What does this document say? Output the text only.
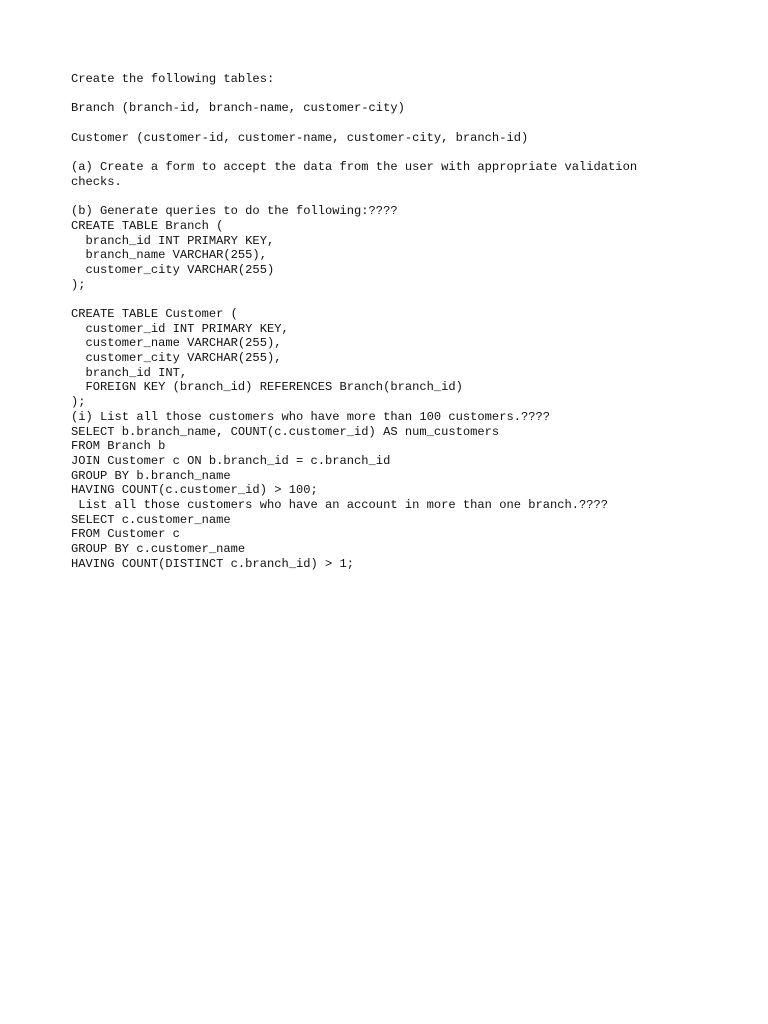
Create the following tables:
Branch (branch-id, branch-name, customer-city)
Customer (customer-id, customer-name, customer-city, branch-id)
(a) Create a form to accept the data from the user with appropriate validation
checks.
(b) Generate queries to do the following:????
CREATE TABLE Branch (
branch_id INT PRIMARY KEY,
branch_name VARCHAR(255),
customer_city VARCHAR(255)
);
CREATE TABLE Customer (
customer_id INT PRIMARY KEY,
customer_name VARCHAR(255),
customer_city VARCHAR(255),
branch_id INT,
FOREIGN KEY (branch_id) REFERENCES Branch(branch_id)
);
(i) List all those customers who have more than 100 customers.????
SELECT b.branch_name, COUNT(c.customer_id) AS num_customers
FROM Branch b
JOIN Customer c ON b.branch_id = c.branch_id
GROUP BY b.branch_name
HAVING COUNT(c.customer_id) > 100;
List all those customers who have an account in more than one branch.????
SELECT c.customer_name
FROM Customer c
GROUP BY c.customer_name
HAVING COUNT(DISTINCT c.branch_id) > 1;
